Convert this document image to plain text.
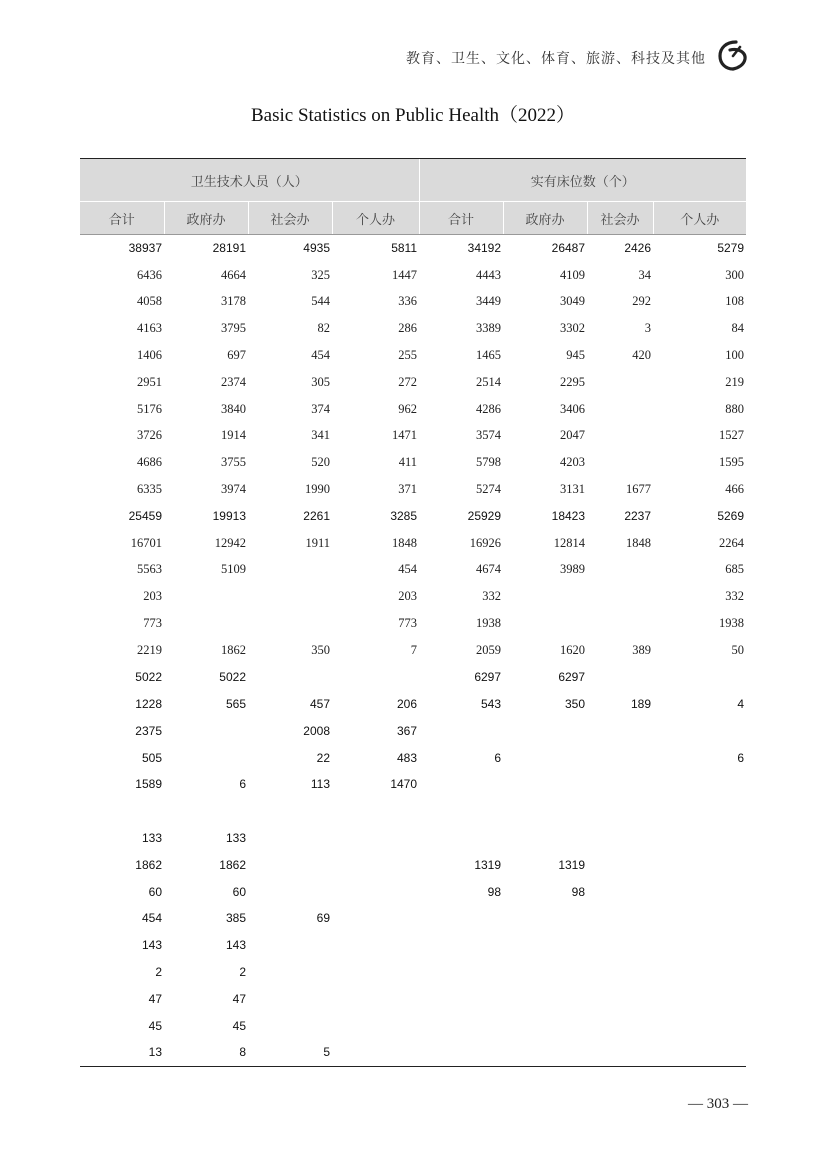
教育、卫生、文化、体育、旅游、科技及其他
Basic Statistics on Public Health（2022）
卫生技术人员（人）				实有床位数（个）			
合计	政府办	社会办	个人办	合计	政府办	社会办	个人办
38937	28191	4935	5811	34192	26487	2426	5279
6436	4664	325	1447	4443	4109	34	300
4058	3178	544	336	3449	3049	292	108
4163	3795	82	286	3389	3302	3	84
1406	697	454	255	1465	945	420	100
2951	2374	305	272	2514	2295		219
5176	3840	374	962	4286	3406		880
3726	1914	341	1471	3574	2047		1527
4686	3755	520	411	5798	4203		1595
6335	3974	1990	371	5274	3131	1677	466
25459	19913	2261	3285	25929	18423	2237	5269
16701	12942	1911	1848	16926	12814	1848	2264
5563	5109		454	4674	3989		685
203			203	332			332
773			773	1938			1938
2219	1862	350	7	2059	1620	389	50
5022	5022			6297	6297		
1228	565	457	206	543	350	189	4
2375		2008	367				
505		22	483	6			6
1589	6	113	1470				

133	133						
1862	1862			1319	1319		
60	60			98	98		
454	385	69					
143	143						
2	2						
47	47						
45	45						
13	8	5					
— 303 —
